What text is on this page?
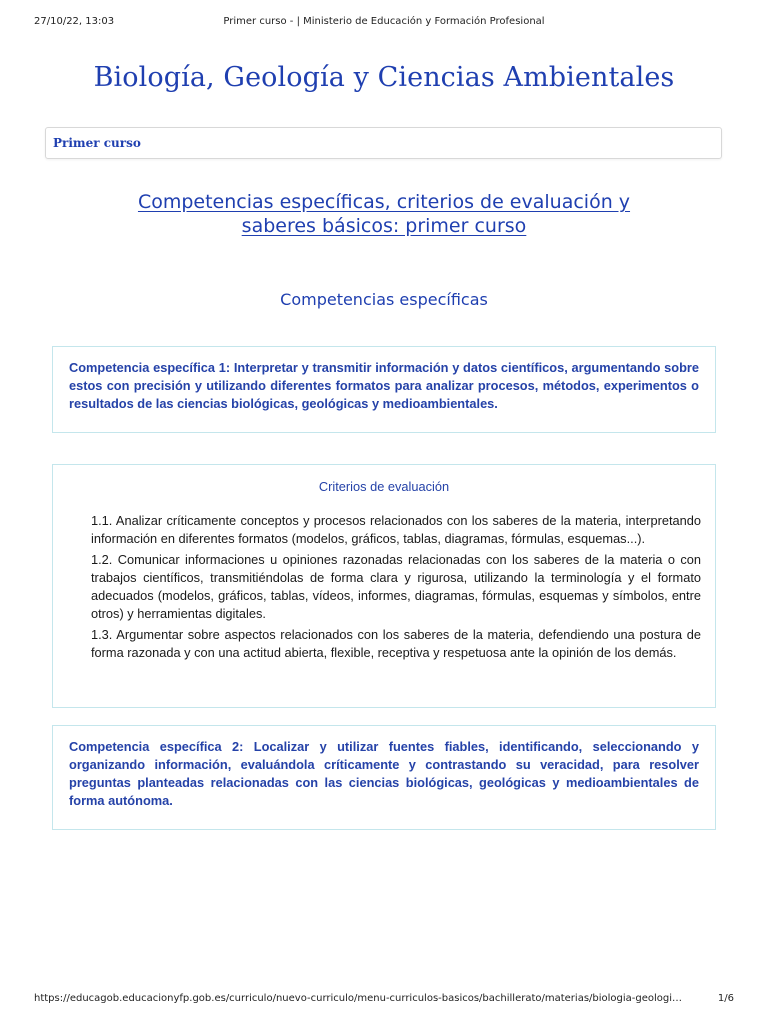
27/10/22, 13:03	Primer curso - | Ministerio de Educación y Formación Profesional
Biología, Geología y Ciencias Ambientales
Primer curso
Competencias específicas, criterios de evaluación y saberes básicos: primer curso
Competencias específicas

Competencia específica 1: Interpretar y transmitir información y datos científicos, argumentando sobre estos con precisión y utilizando diferentes formatos para analizar procesos, métodos, experimentos o resultados de las ciencias biológicas, geológicas y medioambientales.

Criterios de evaluación
1.1. Analizar críticamente conceptos y procesos relacionados con los saberes de la materia, interpretando información en diferentes formatos (modelos, gráficos, tablas, diagramas, fórmulas, esquemas...).
1.2. Comunicar informaciones u opiniones razonadas relacionadas con los saberes de la materia o con trabajos científicos, transmitiéndolas de forma clara y rigurosa, utilizando la terminología y el formato adecuados (modelos, gráficos, tablas, vídeos, informes, diagramas, fórmulas, esquemas y símbolos, entre otros) y herramientas digitales.
1.3. Argumentar sobre aspectos relacionados con los saberes de la materia, defendiendo una postura de forma razonada y con una actitud abierta, flexible, receptiva y respetuosa ante la opinión de los demás.

Competencia específica 2: Localizar y utilizar fuentes fiables, identificando, seleccionando y organizando información, evaluándola críticamente y contrastando su veracidad, para resolver preguntas planteadas relacionadas con las ciencias biológicas, geológicas y medioambientales de forma autónoma.

https://educagob.educacionyfp.gob.es/curriculo/nuevo-curriculo/menu-curriculos-basicos/bachillerato/materias/biologia-geologi…	1/6
